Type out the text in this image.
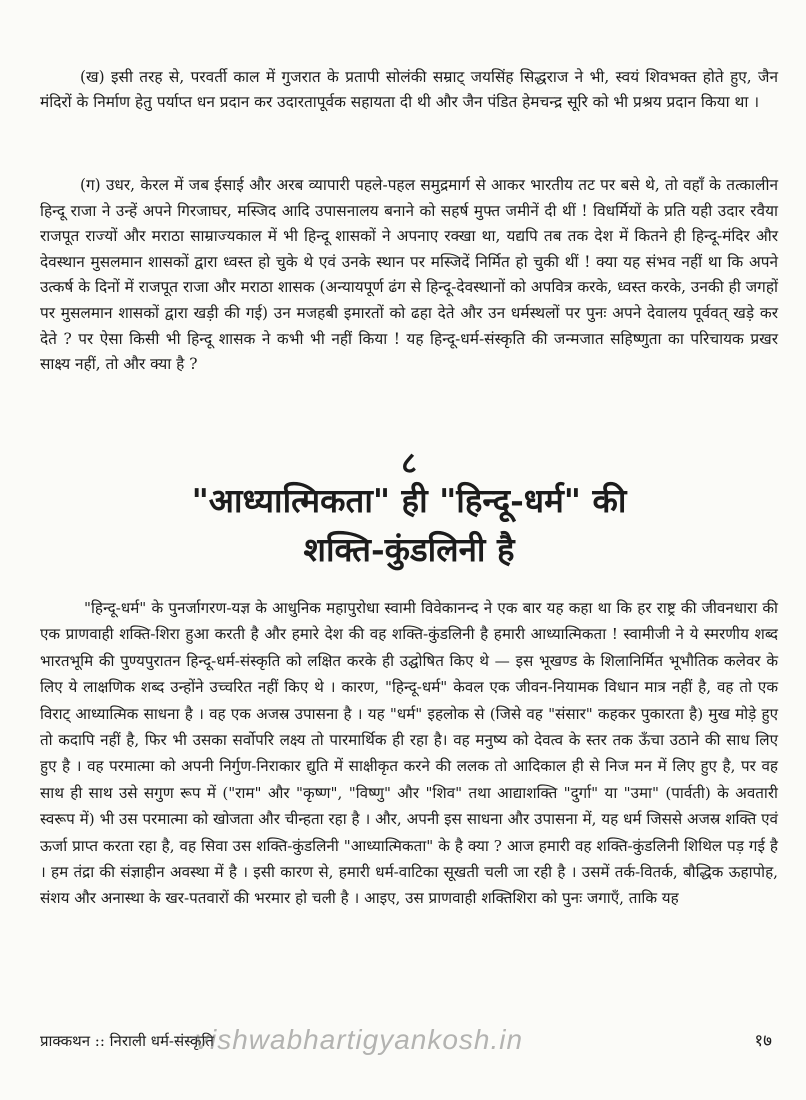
(ख) इसी तरह से, परवर्ती काल में गुजरात के प्रतापी सोलंकी सम्राट् जयसिंह सिद्धराज ने भी, स्वयं शिवभक्त होते हुए, जैन मंदिरों के निर्माण हेतु पर्याप्त धन प्रदान कर उदारतापूर्वक सहायता दी थी और जैन पंडित हेमचन्द्र सूरि को भी प्रश्रय प्रदान किया था ।

(ग) उधर, केरल में जब ईसाई और अरब व्यापारी पहले-पहल समुद्रमार्ग से आकर भारतीय तट पर बसे थे, तो वहाँ के तत्कालीन हिन्दू राजा ने उन्हें अपने गिरजाघर, मस्जिद आदि उपासनालय बनाने को सहर्ष मुफ्त जमीनें दी थीं ! विधर्मियों के प्रति यही उदार रवैया राजपूत राज्यों और मराठा साम्राज्यकाल में भी हिन्दू शासकों ने अपनाए रक्खा था, यद्यपि तब तक देश में कितने ही हिन्दू-मंदिर और देवस्थान मुसलमान शासकों द्वारा ध्वस्त हो चुके थे एवं उनके स्थान पर मस्जिदें निर्मित हो चुकी थीं ! क्या यह संभव नहीं था कि अपने उत्कर्ष के दिनों में राजपूत राजा और मराठा शासक (अन्यायपूर्ण ढंग से हिन्दू-देवस्थानों को अपवित्र करके, ध्वस्त करके, उनकी ही जगहों पर मुसलमान शासकों द्वारा खड़ी की गई) उन मजहबी इमारतों को ढहा देते और उन धर्मस्थलों पर पुनः अपने देवालय पूर्ववत् खड़े कर देते ? पर ऐसा किसी भी हिन्दू शासक ने कभी भी नहीं किया ! यह हिन्दू-धर्म-संस्कृति की जन्मजात सहिष्णुता का परिचायक प्रखर साक्ष्य नहीं, तो और क्या है ?

८
"आध्यात्मिकता" ही "हिन्दू-धर्म" की
शक्ति-कुंडलिनी है

"हिन्दू-धर्म" के पुनर्जागरण-यज्ञ के आधुनिक महापुरोधा स्वामी विवेकानन्द ने एक बार यह कहा था कि हर राष्ट्र की जीवनधारा की एक प्राणवाही शक्ति-शिरा हुआ करती है और हमारे देश की वह शक्ति-कुंडलिनी है हमारी आध्यात्मिकता ! स्वामीजी ने ये स्मरणीय शब्द भारतभूमि की पुण्यपुरातन हिन्दू-धर्म-संस्कृति को लक्षित करके ही उद्घोषित किए थे — इस भूखण्ड के शिलानिर्मित भूभौतिक कलेवर के लिए ये लाक्षणिक शब्द उन्होंने उच्चरित नहीं किए थे । कारण, "हिन्दू-धर्म" केवल एक जीवन-नियामक विधान मात्र नहीं है, वह तो एक विराट् आध्यात्मिक साधना है । वह एक अजस्र उपासना है । यह "धर्म" इहलोक से (जिसे वह "संसार" कहकर पुकारता है) मुख मोड़े हुए तो कदापि नहीं है, फिर भी उसका सर्वोपरि लक्ष्य तो पारमार्थिक ही रहा है। वह मनुष्य को देवत्व के स्तर तक ऊँचा उठाने की साध लिए हुए है । वह परमात्मा को अपनी निर्गुण-निराकार द्युति में साक्षीकृत करने की ललक तो आदिकाल ही से निज मन में लिए हुए है, पर वह साथ ही साथ उसे सगुण रूप में ("राम" और "कृष्ण", "विष्णु" और "शिव" तथा आद्याशक्ति "दुर्गा" या "उमा" (पार्वती) के अवतारी स्वरूप में) भी उस परमात्मा को खोजता और चीन्हता रहा है । और, अपनी इस साधना और उपासना में, यह धर्म जिससे अजस्र शक्ति एवं ऊर्जा प्राप्त करता रहा है, वह सिवा उस शक्ति-कुंडलिनी "आध्यात्मिकता" के है क्या ? आज हमारी वह शक्ति-कुंडलिनी शिथिल पड़ गई है । हम तंद्रा की संज्ञाहीन अवस्था में है । इसी कारण से, हमारी धर्म-वाटिका सूखती चली जा रही है । उसमें तर्क-वितर्क, बौद्धिक ऊहापोह, संशय और अनास्था के खर-पतवारों की भरमार हो चली है । आइए, उस प्राणवाही शक्तिशिरा को पुनः जगाएँ, ताकि यह

प्राक्कथन :: निराली धर्म-संस्कृति	१७
vishwabhartigyankosh.in
